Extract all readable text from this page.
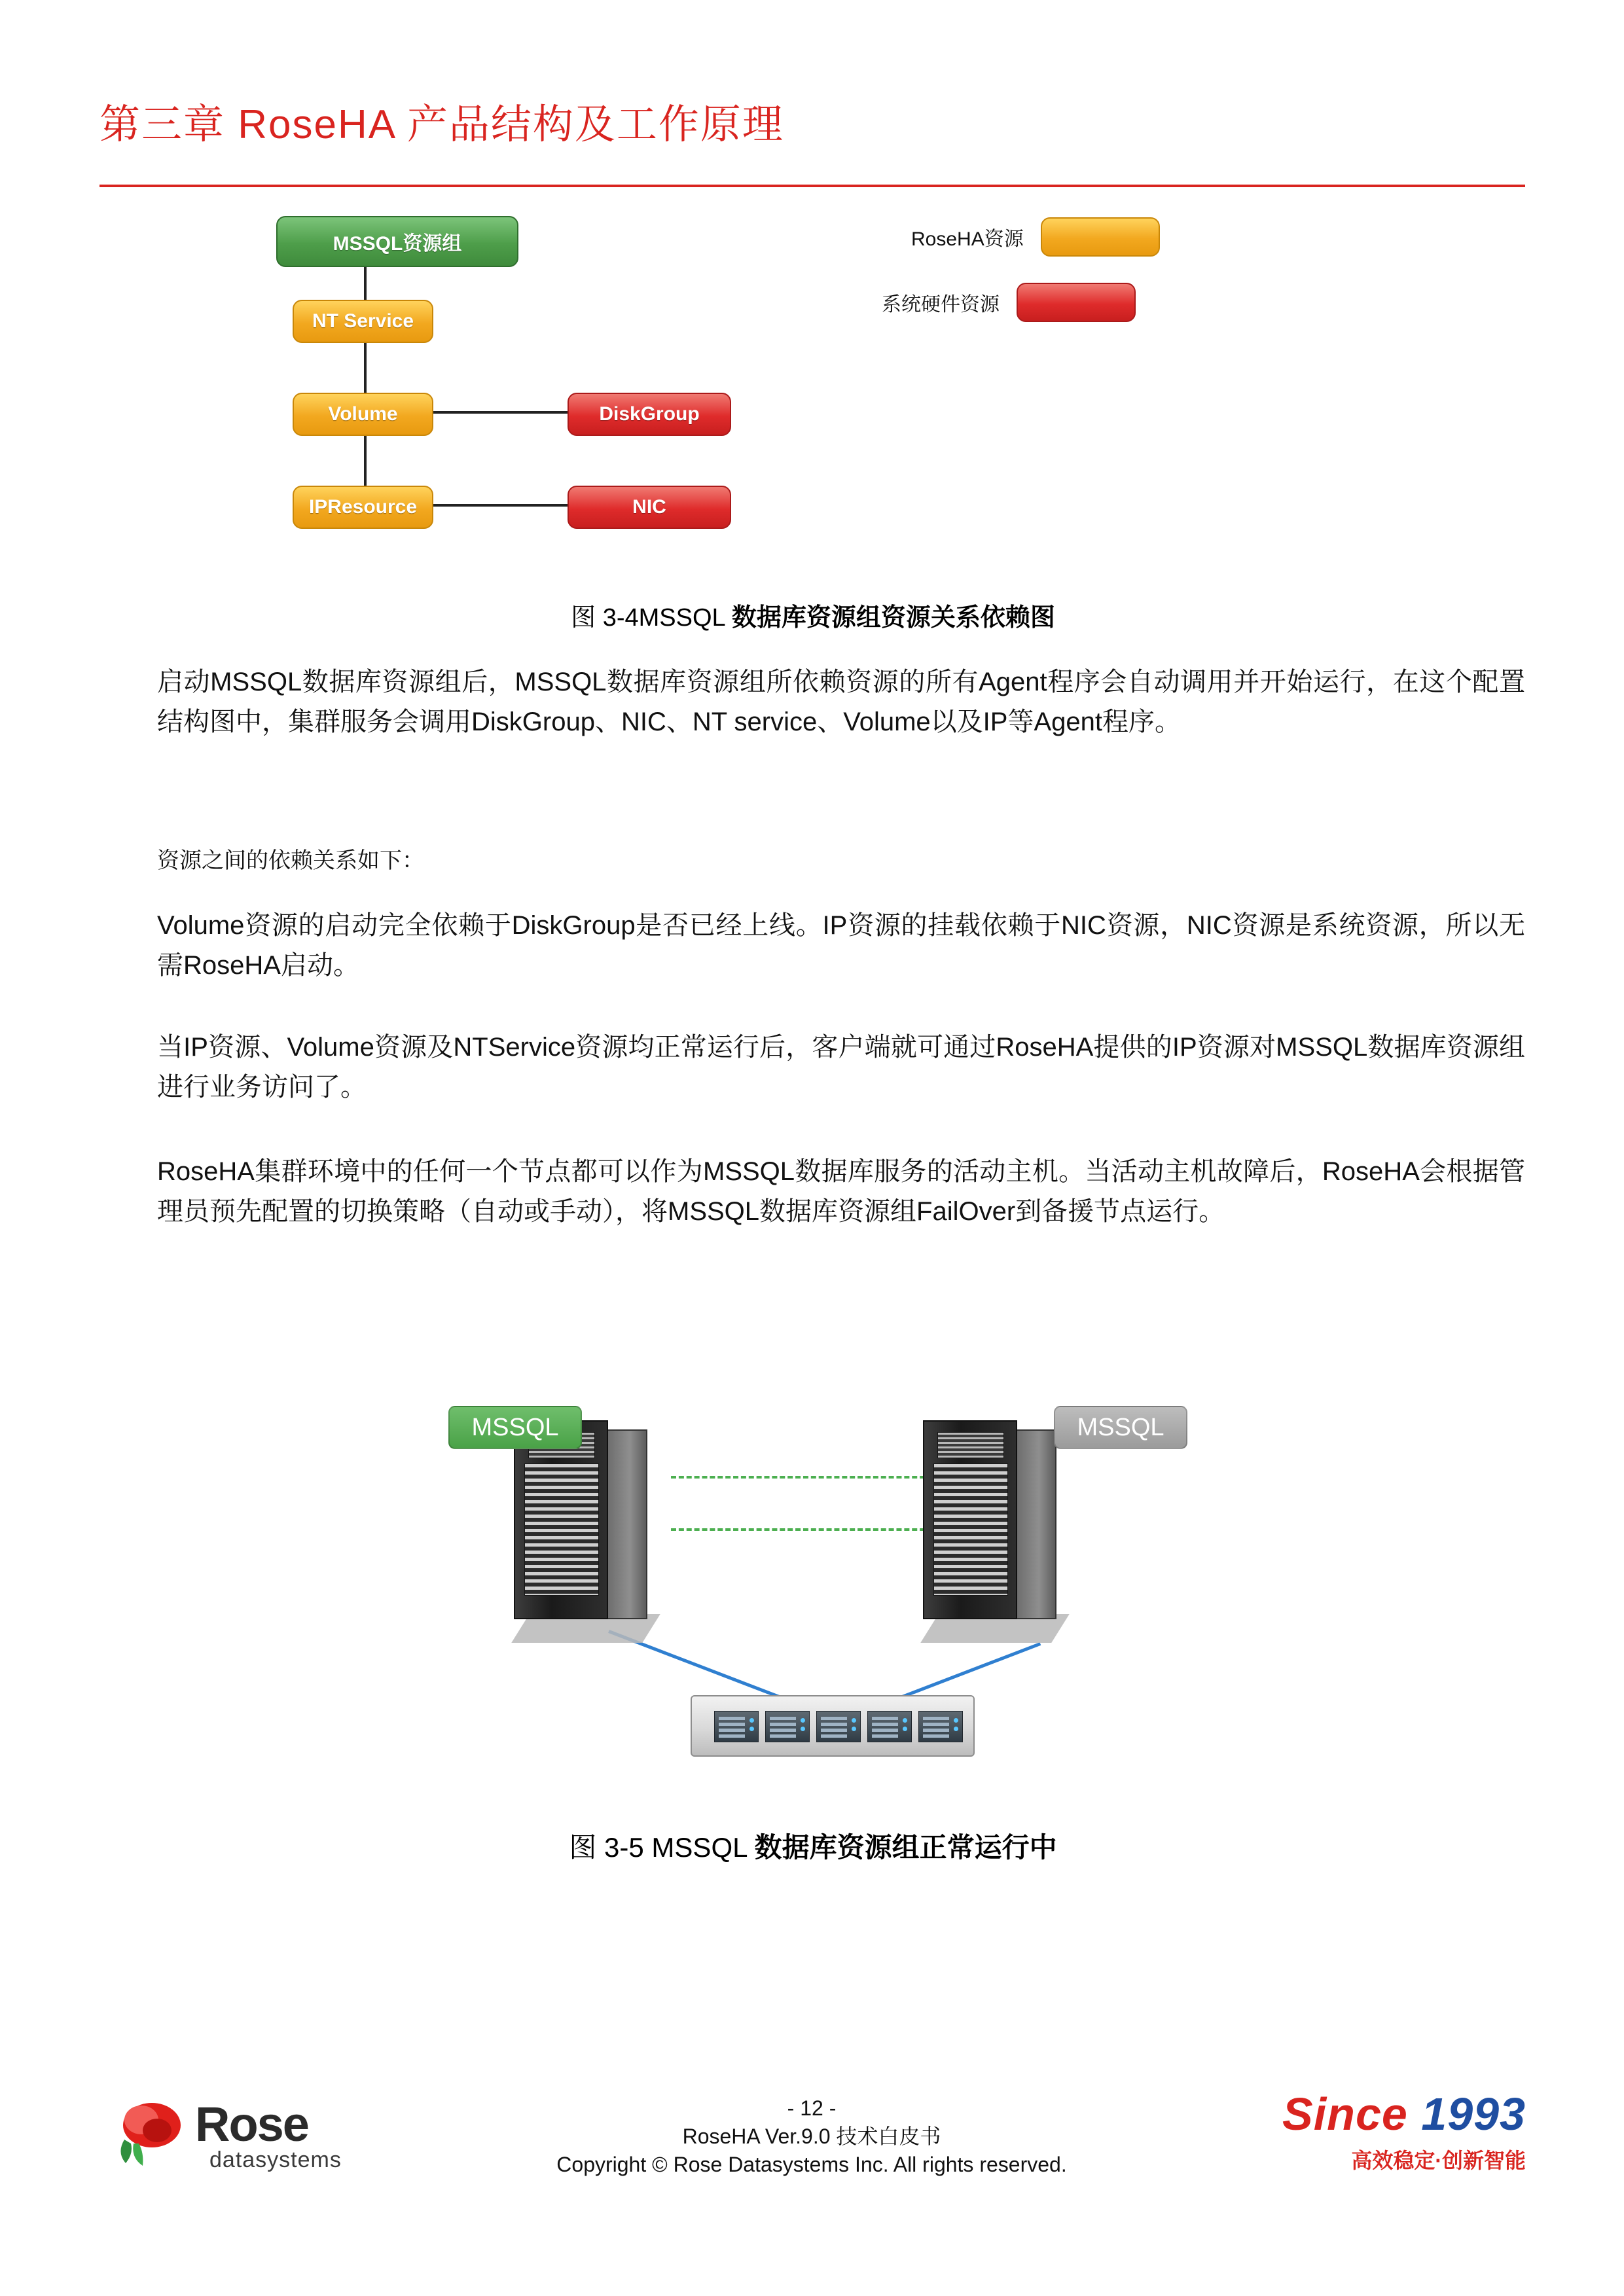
第三章 RoseHA 产品结构及工作原理
MSSQL资源组
NT Service
Volume	DiskGroup
IPResource	NIC
RoseHA资源
系统硬件资源
图 3-4MSSQL 数据库资源组资源关系依赖图
启动MSSQL数据库资源组后，MSSQL数据库资源组所依赖资源的所有Agent程序会自动调用并开始运行，在这个配置结构图中，集群服务会调用DiskGroup、NIC、NT service、Volume以及IP等Agent程序。
资源之间的依赖关系如下：
Volume资源的启动完全依赖于DiskGroup是否已经上线。IP资源的挂载依赖于NIC资源，NIC资源是系统资源，所以无需RoseHA启动。
当IP资源、Volume资源及NTService资源均正常运行后，客户端就可通过RoseHA提供的IP资源对MSSQL数据库资源组进行业务访问了。
RoseHA集群环境中的任何一个节点都可以作为MSSQL数据库服务的活动主机。当活动主机故障后，RoseHA会根据管理员预先配置的切换策略（自动或手动），将MSSQL数据库资源组FailOver到备援节点运行。
MSSQL	MSSQL
图 3-5 MSSQL 数据库资源组正常运行中
Rose
datasystems
- 12 -
RoseHA Ver.9.0 技术白皮书
Copyright © Rose Datasystems Inc. All rights reserved.
Since 1993
高效稳定·创新智能
